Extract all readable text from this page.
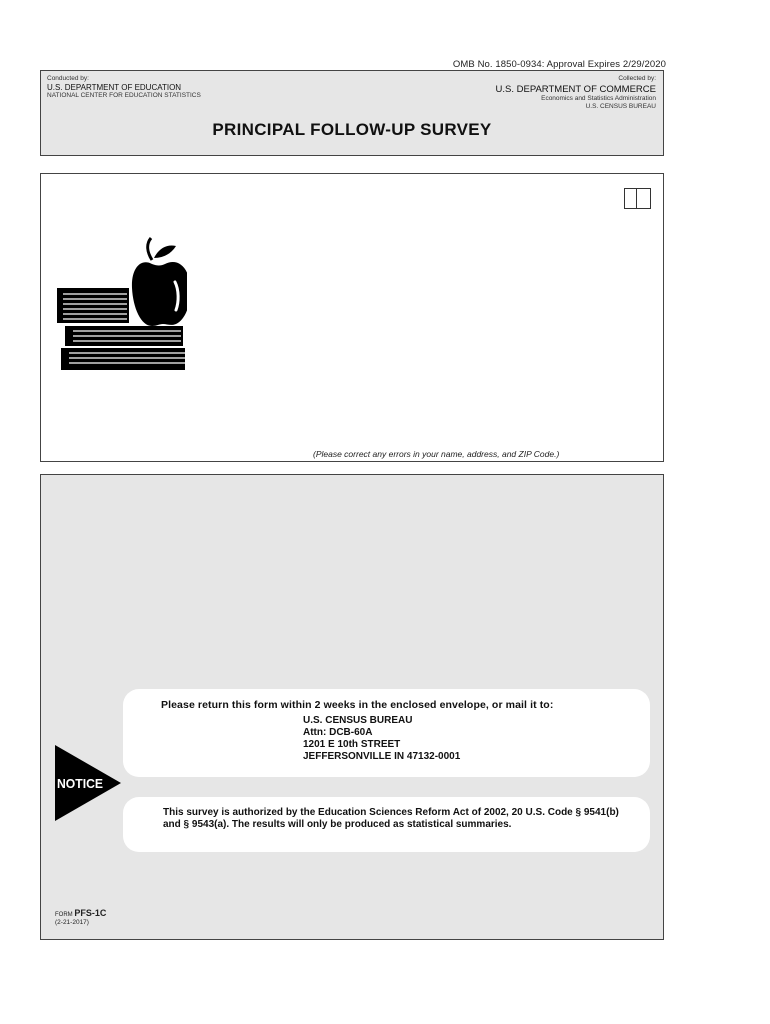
OMB No. 1850-0934: Approval Expires 2/29/2020
Conducted by:
U.S. DEPARTMENT OF EDUCATION
NATIONAL CENTER FOR EDUCATION STATISTICS
Collected by:
U.S. DEPARTMENT OF COMMERCE
Economics and Statistics Administration
U.S. CENSUS BUREAU
PRINCIPAL FOLLOW-UP SURVEY
(Please correct any errors in your name, address, and ZIP Code.)
Please return this form within 2 weeks in the enclosed envelope, or mail it to:
U.S. CENSUS BUREAU
Attn: DCB-60A
1201 E 10th STREET
JEFFERSONVILLE IN 47132-0001
NOTICE
This survey is authorized by the Education Sciences Reform Act of 2002, 20 U.S. Code § 9541(b) and § 9543(a). The results will only be produced as statistical summaries.
FORM PFS-1C
(2-21-2017)
